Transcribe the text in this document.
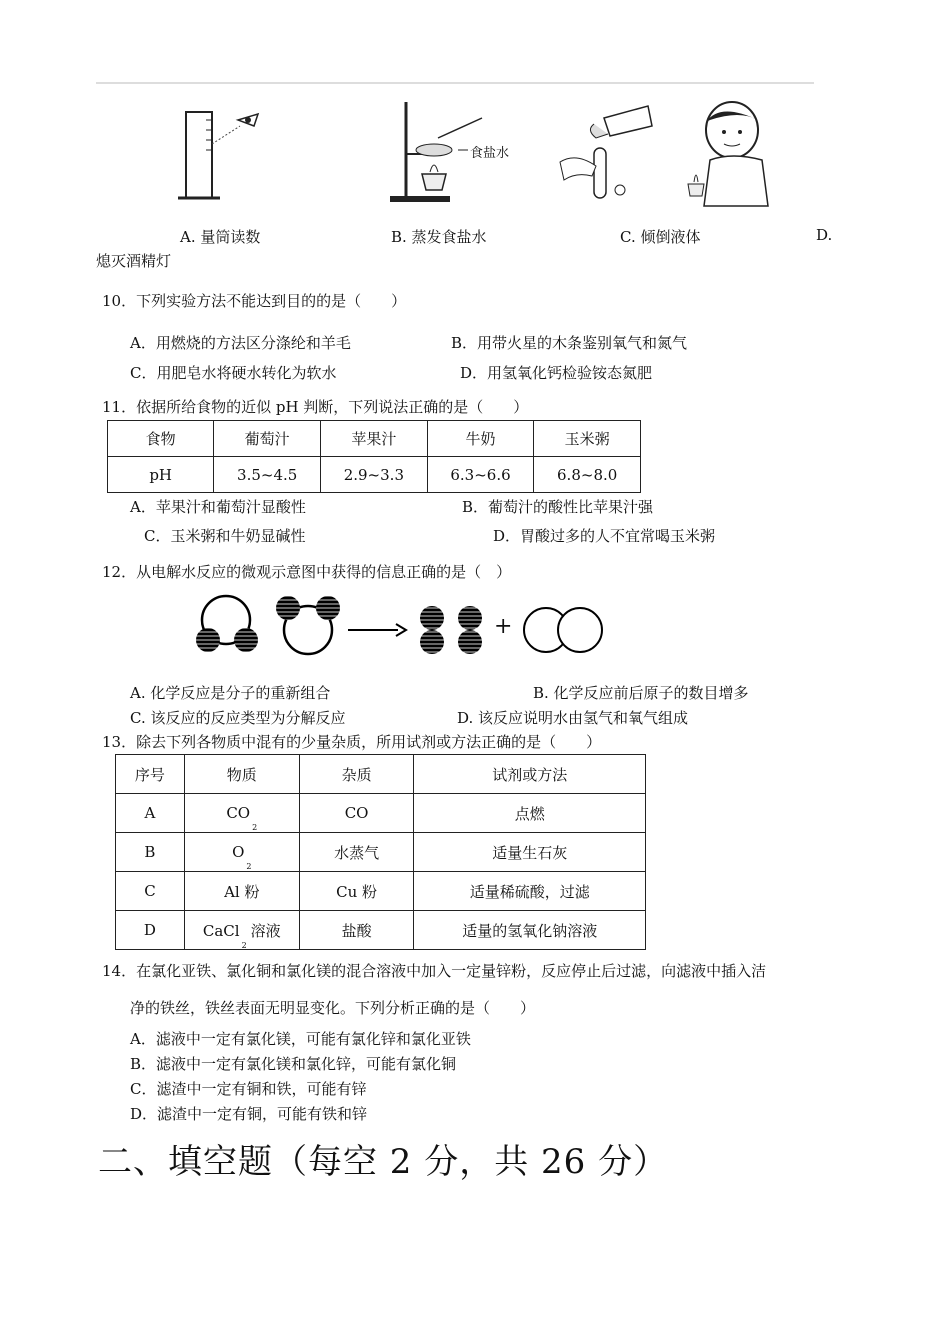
食盐水
A. 量筒读数	B. 蒸发食盐水	C. 倾倒液体	D.
熄灭酒精灯
10．下列实验方法不能达到目的的是（　　）
A．用燃烧的方法区分涤纶和羊毛	B．用带火星的木条鉴别氧气和氮气
C．用肥皂水将硬水转化为软水	D．用氢氧化钙检验铵态氮肥
11．依据所给食物的近似 pH 判断，下列说法正确的是（　　）
食物	葡萄汁	苹果汁	牛奶	玉米粥
pH	3.5~4.5	2.9~3.3	6.3~6.6	6.8~8.0
A．苹果汁和葡萄汁显酸性	B．葡萄汁的酸性比苹果汁强
C．玉米粥和牛奶显碱性	D．胃酸过多的人不宜常喝玉米粥
12．从电解水反应的微观示意图中获得的信息正确的是（　）
+
A. 化学反应是分子的重新组合	B. 化学反应前后原子的数目增多
C. 该反应的反应类型为分解反应	D. 该反应说明水由氢气和氧气组成
13．除去下列各物质中混有的少量杂质，所用试剂或方法正确的是（　　）
序号	物质	杂质	试剂或方法
A	$CO_2$	CO	点燃
B	$O_2$	水蒸气	适量生石灰
C	Al 粉	Cu 粉	适量稀硫酸，过滤
D	CaCl$_2$溶液	盐酸	适量的氢氧化钠溶液
14．在氯化亚铁、氯化铜和氯化镁的混合溶液中加入一定量锌粉，反应停止后过滤，向滤液中插入洁
净的铁丝，铁丝表面无明显变化。下列分析正确的是（　　）
A．滤液中一定有氯化镁，可能有氯化锌和氯化亚铁
B．滤液中一定有氯化镁和氯化锌，可能有氯化铜
C．滤渣中一定有铜和铁，可能有锌
D．滤渣中一定有铜，可能有铁和锌
二、填空题（每空 2 分，共 26 分）
